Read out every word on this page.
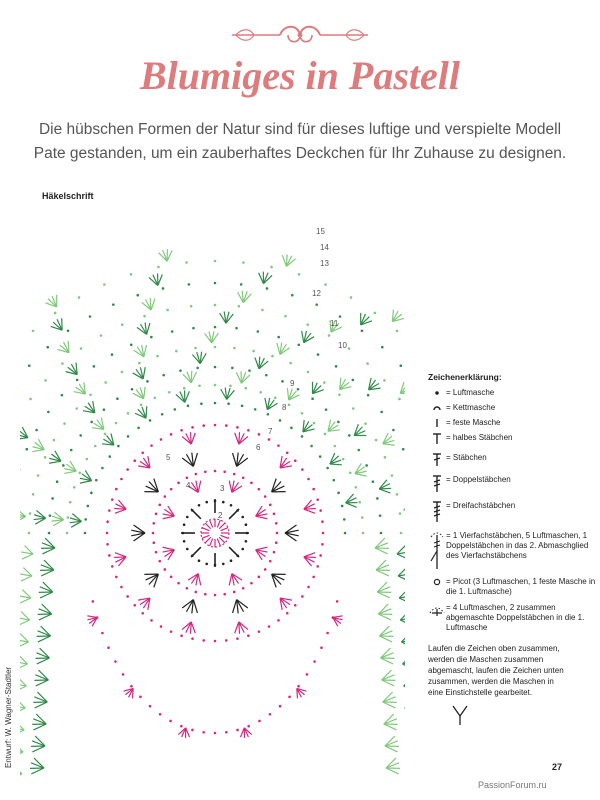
Blumiges in Pastell
Die hübschen Formen der Natur sind für dieses luftige und verspielte Modell Pate gestanden, um ein zauberhaftes Deckchen für Ihr Zuhause zu designen.
Häkelschrift
2
3
4
5
6
7
8
9
10
11
12
13
14
15
Entwurf: W. Wagner-Stadtler
Zeichenerklärung:
= Luftmasche
= Kettmasche
= feste Masche
= halbes Stäbchen
= Stäbchen
= Doppelstäbchen
= Dreifachstäbchen
= 1 Vierfachstäbchen, 5 Luftmaschen, 1 Doppelstäbchen in das 2. Abmaschglied des Vierfachstäbchens
= Picot (3 Luftmaschen, 1 feste Masche in die 1. Luftmasche)
= 4 Luftmaschen, 2 zusammen abgemaschte Doppelstäbchen in die 1. Luftmasche
Laufen die Zeichen oben zusammen, werden die Maschen zusammen abgemascht, laufen die Zeichen unten zusammen, werden die Maschen in eine Einstichstelle gearbeitet.
27
PassionForum.ru
